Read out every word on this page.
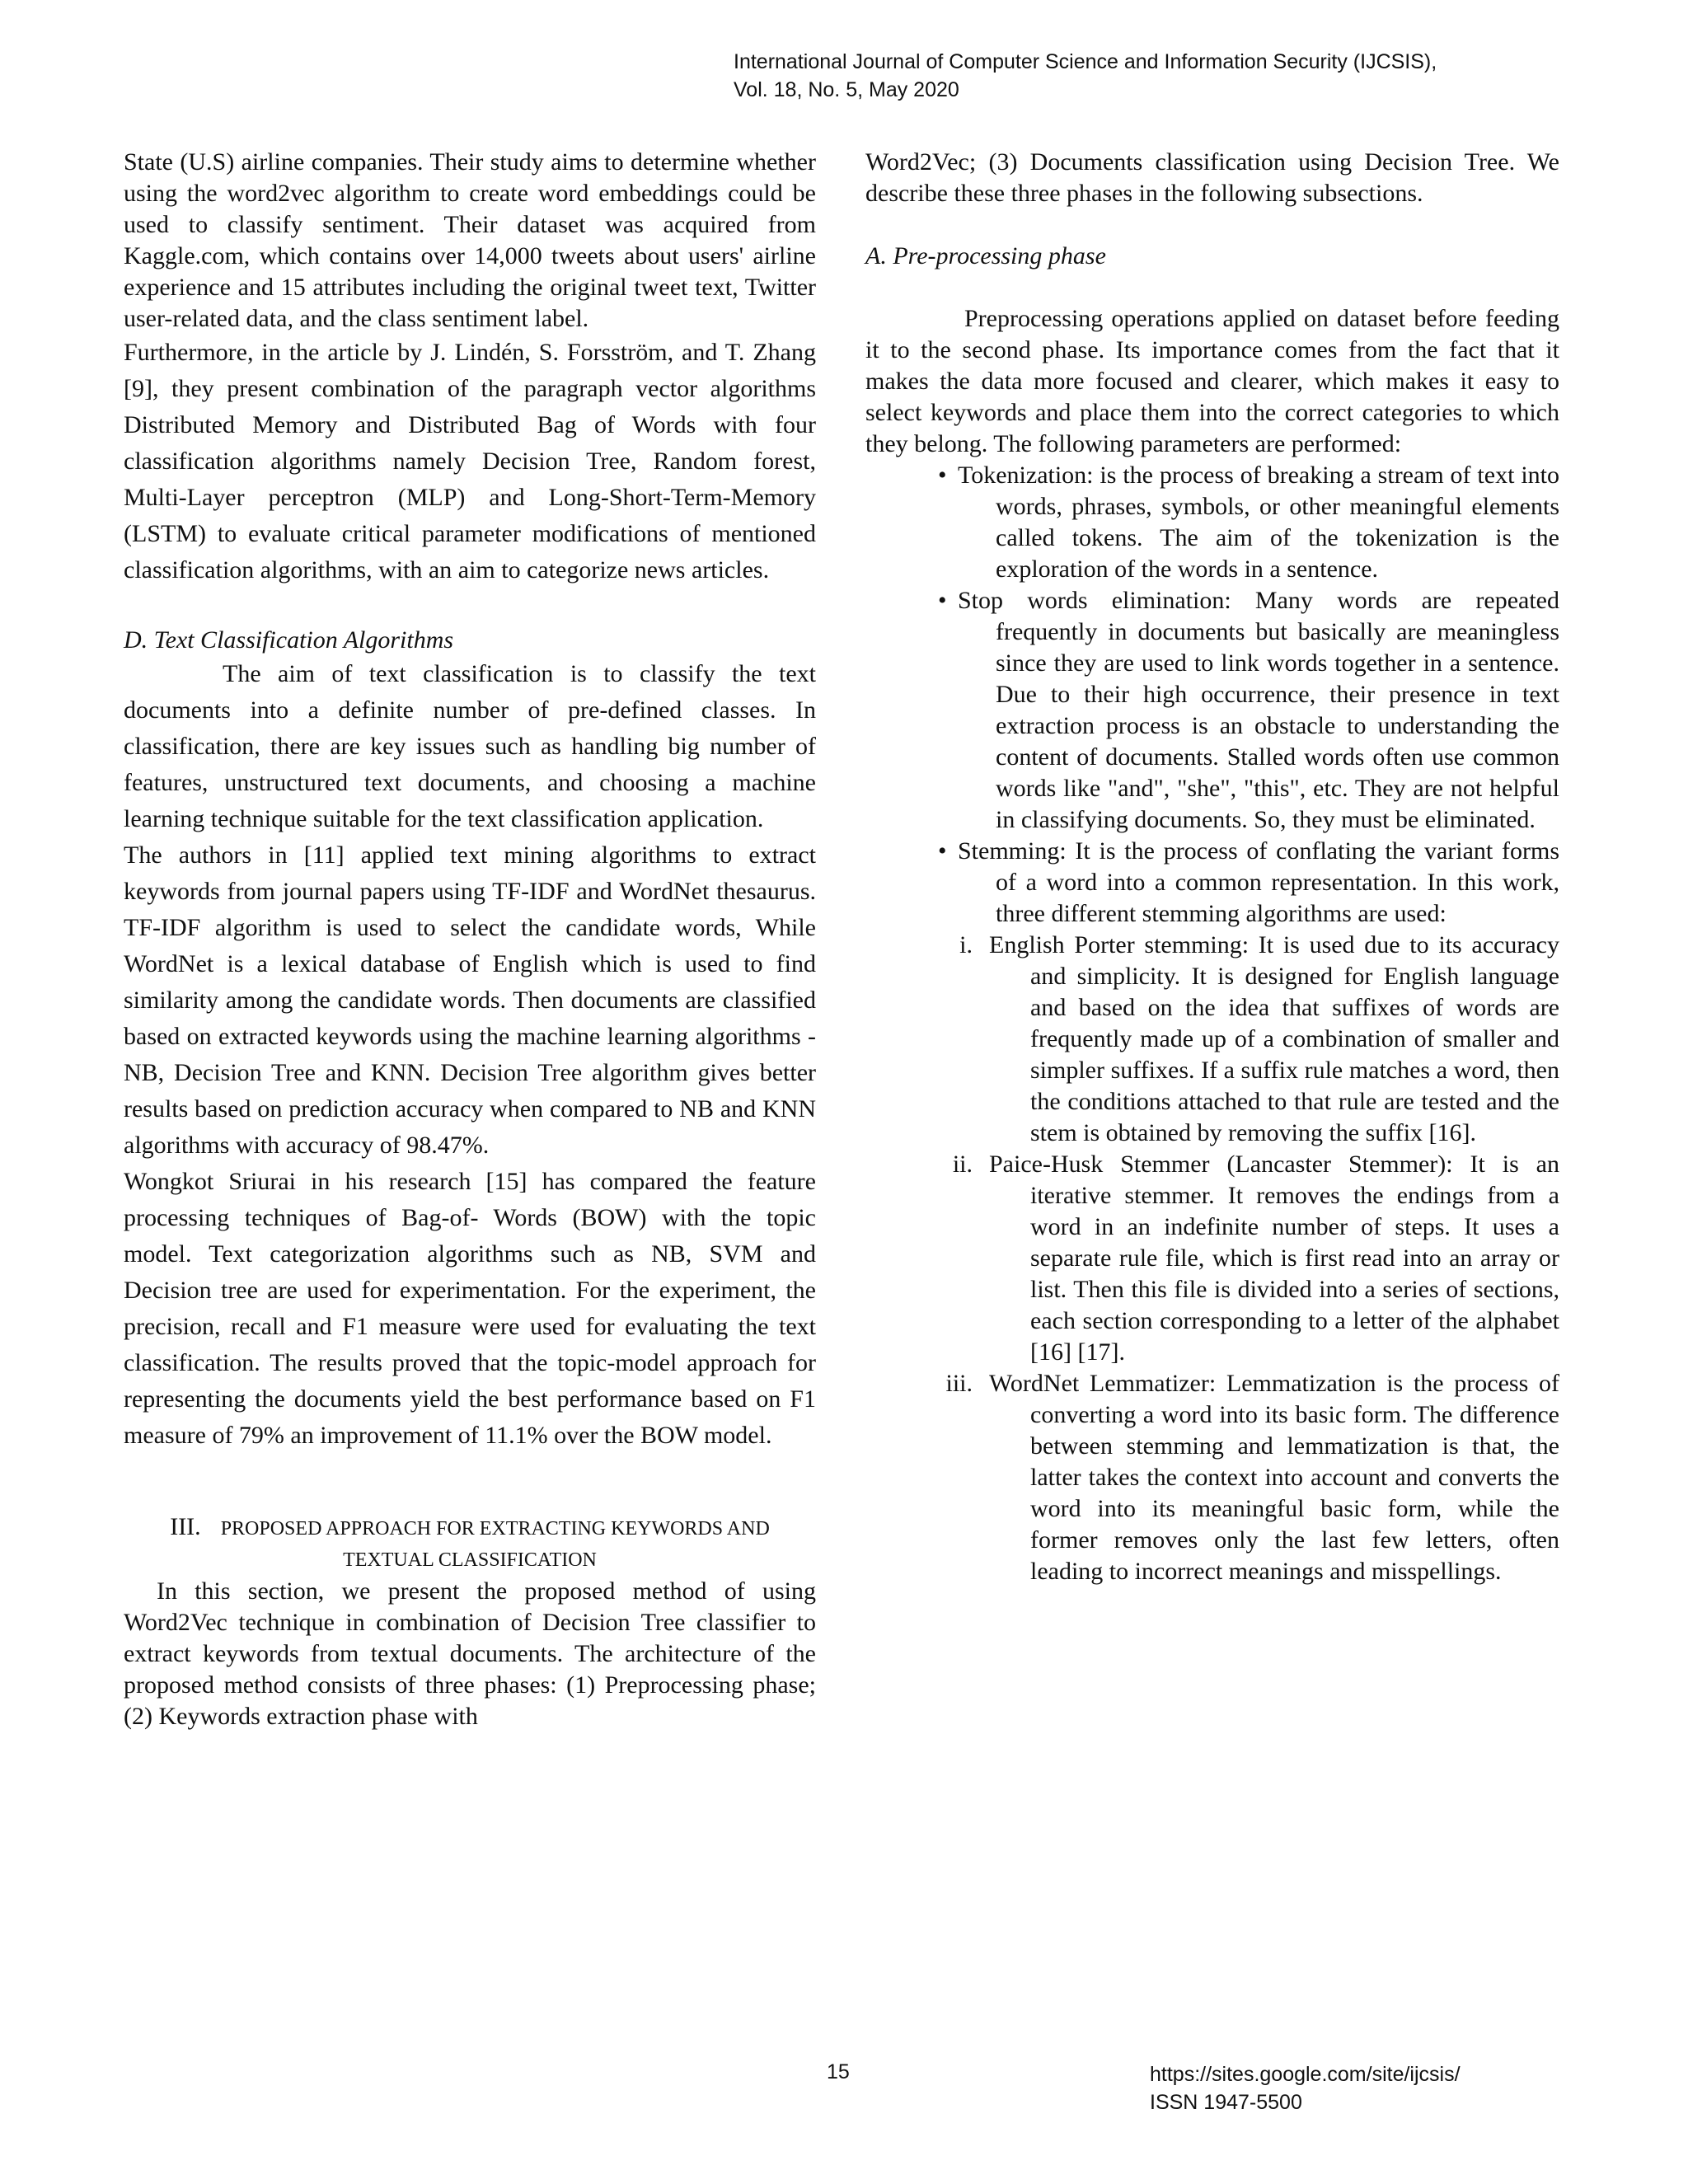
International Journal of Computer Science and Information Security (IJCSIS),
Vol. 18, No. 5, May 2020

State (U.S) airline companies. Their study aims to determine whether using the word2vec algorithm to create word embeddings could be used to classify sentiment. Their dataset was acquired from Kaggle.com, which contains over 14,000 tweets about users' airline experience and 15 attributes including the original tweet text, Twitter user-related data, and the class sentiment label.

Furthermore, in the article by J. Lindén, S. Forsström, and T. Zhang [9], they present combination of the paragraph vector algorithms Distributed Memory and Distributed Bag of Words with four classification algorithms namely Decision Tree, Random forest, Multi-Layer perceptron (MLP) and Long-Short-Term-Memory (LSTM) to evaluate critical parameter modifications of mentioned classification algorithms, with an aim to categorize news articles.

D. Text Classification Algorithms

The aim of text classification is to classify the text documents into a definite number of pre-defined classes. In classification, there are key issues such as handling big number of features, unstructured text documents, and choosing a machine learning technique suitable for the text classification application.

The authors in [11] applied text mining algorithms to extract keywords from journal papers using TF-IDF and WordNet thesaurus. TF-IDF algorithm is used to select the candidate words, While WordNet is a lexical database of English which is used to find similarity among the candidate words. Then documents are classified based on extracted keywords using the machine learning algorithms - NB, Decision Tree and KNN. Decision Tree algorithm gives better results based on prediction accuracy when compared to NB and KNN algorithms with accuracy of 98.47%.

Wongkot Sriurai in his research [15] has compared the feature processing techniques of Bag-of- Words (BOW) with the topic model. Text categorization algorithms such as NB, SVM and Decision tree are used for experimentation. For the experiment, the precision, recall and F1 measure were used for evaluating the text classification. The results proved that the topic-model approach for representing the documents yield the best performance based on F1 measure of 79% an improvement of 11.1% over the BOW model.

III. PROPOSED APPROACH FOR EXTRACTING KEYWORDS AND

TEXTUAL CLASSIFICATION

In this section, we present the proposed method of using Word2Vec technique in combination of Decision Tree classifier to extract keywords from textual documents. The architecture of the proposed method consists of three phases: (1) Preprocessing phase; (2) Keywords extraction phase with

Word2Vec; (3) Documents classification using Decision Tree. We describe these three phases in the following subsections.

A. Pre-processing phase

Preprocessing operations applied on dataset before feeding it to the second phase. Its importance comes from the fact that it makes the data more focused and clearer, which makes it easy to select keywords and place them into the correct categories to which they belong. The following parameters are performed:

• Tokenization: is the process of breaking a stream of text into words, phrases, symbols, or other meaningful elements called tokens. The aim of the tokenization is the exploration of the words in a sentence.
• Stop words elimination: Many words are repeated frequently in documents but basically are meaningless since they are used to link words together in a sentence. Due to their high occurrence, their presence in text extraction process is an obstacle to understanding the content of documents. Stalled words often use common words like "and", "she", "this", etc. They are not helpful in classifying documents. So, they must be eliminated.
• Stemming: It is the process of conflating the variant forms of a word into a common representation. In this work, three different stemming algorithms are used:
i. English Porter stemming: It is used due to its accuracy and simplicity. It is designed for English language and based on the idea that suffixes of words are frequently made up of a combination of smaller and simpler suffixes. If a suffix rule matches a word, then the conditions attached to that rule are tested and the stem is obtained by removing the suffix [16].
ii. Paice-Husk Stemmer (Lancaster Stemmer): It is an iterative stemmer. It removes the endings from a word in an indefinite number of steps. It uses a separate rule file, which is first read into an array or list. Then this file is divided into a series of sections, each section corresponding to a letter of the alphabet [16] [17].
iii. WordNet Lemmatizer: Lemmatization is the process of converting a word into its basic form. The difference between stemming and lemmatization is that, the latter takes the context into account and converts the word into its meaningful basic form, while the former removes only the last few letters, often leading to incorrect meanings and misspellings.
15	https://sites.google.com/site/ijcsis/
ISSN 1947-5500
